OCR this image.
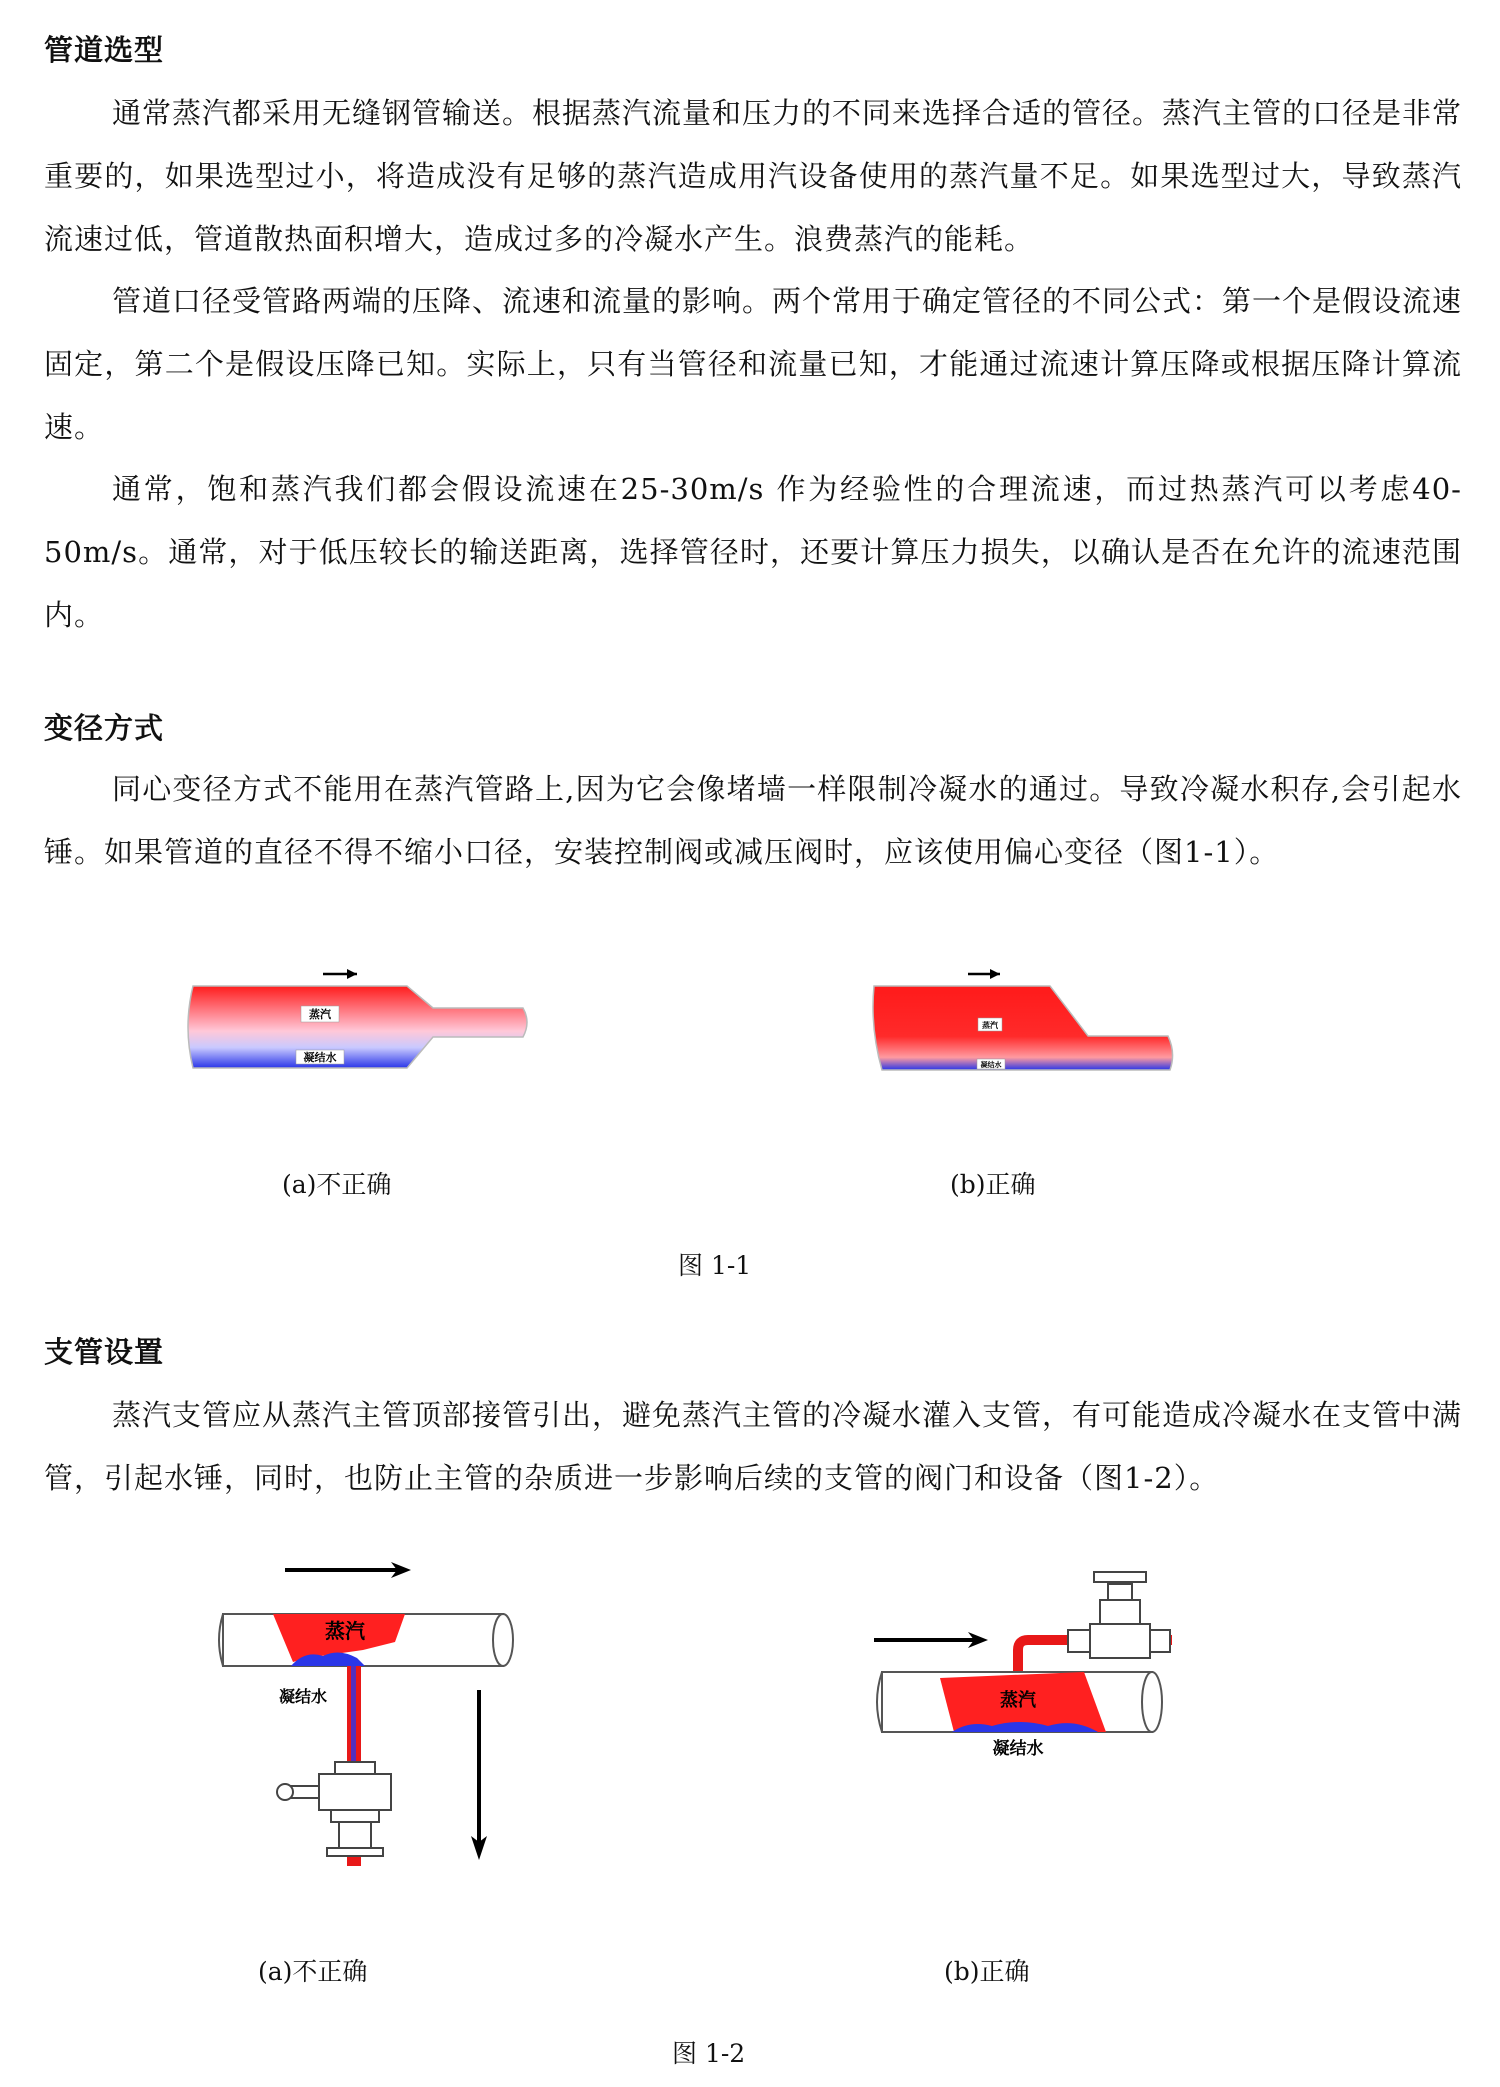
管道选型

通常蒸汽都采用无缝钢管输送。根据蒸汽流量和压力的不同来选择合适的管径。蒸汽主管的口径是非常重要的，如果选型过小，将造成没有足够的蒸汽造成用汽设备使用的蒸汽量不足。如果选型过大，导致蒸汽流速过低，管道散热面积增大，造成过多的冷凝水产生。浪费蒸汽的能耗。

管道口径受管路两端的压降、流速和流量的影响。两个常用于确定管径的不同公式：第一个是假设流速固定，第二个是假设压降已知。实际上，只有当管径和流量已知，才能通过流速计算压降或根据压降计算流速。

通常，饱和蒸汽我们都会假设流速在25-30m/s 作为经验性的合理流速，而过热蒸汽可以考虑40-50m/s。通常，对于低压较长的输送距离，选择管径时，还要计算压力损失，以确认是否在允许的流速范围内。

变径方式

同心变径方式不能用在蒸汽管路上,因为它会像堵墙一样限制冷凝水的通过。导致冷凝水积存,会引起水锤。如果管道的直径不得不缩小口径，安装控制阀或减压阀时，应该使用偏心变径（图1-1）。

蒸汽
凝结水
蒸汽
凝结水
(a)不正确	(b)正确
图 1-1
支管设置

蒸汽支管应从蒸汽主管顶部接管引出，避免蒸汽主管的冷凝水灌入支管，有可能造成冷凝水在支管中满管，引起水锤，同时，也防止主管的杂质进一步影响后续的支管的阀门和设备（图1-2）。

蒸汽
凝结水	蒸汽
凝结水
(a)不正确	(b)正确
图 1-2
